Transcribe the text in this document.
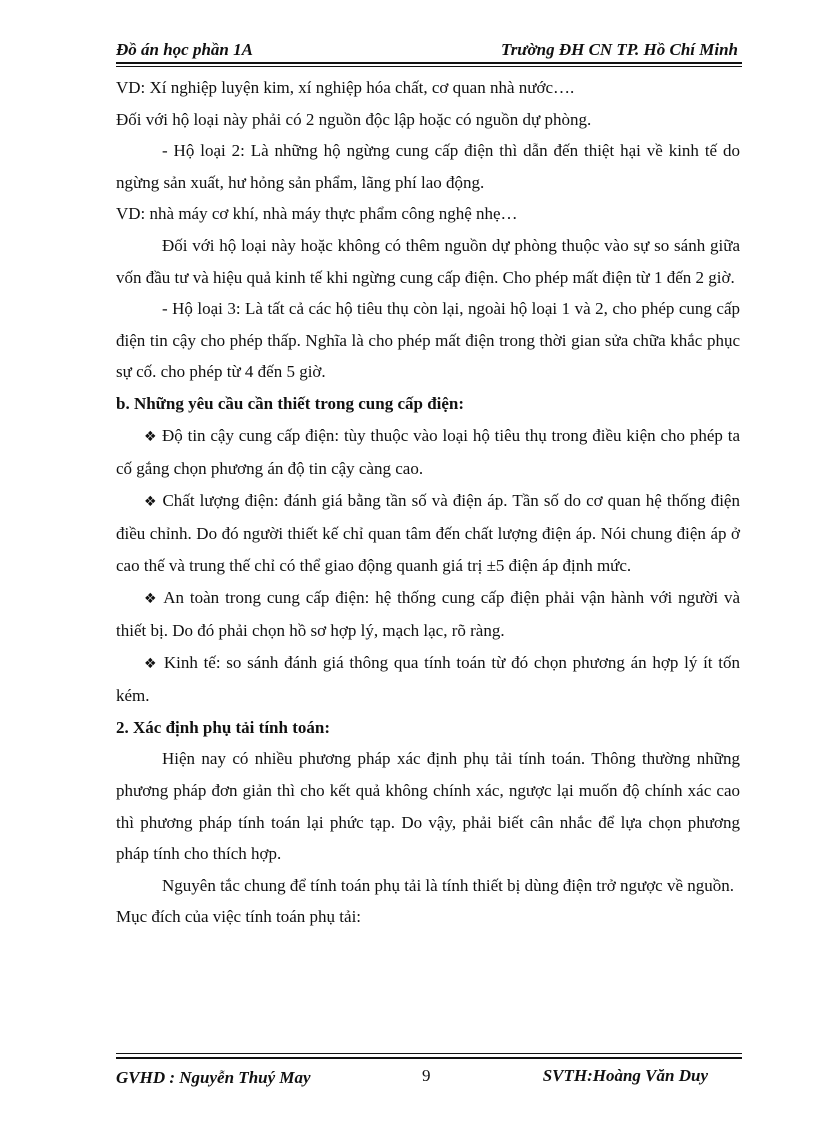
Đồ án học phần 1A	Trường ĐH CN TP. Hồ Chí Minh

VD: Xí nghiệp luyện kim, xí nghiệp hóa chất, cơ quan nhà nước….

Đối với hộ loại này phải có 2 nguồn độc lập hoặc có nguồn dự phòng.

- Hộ loại 2: Là những hộ ngừng cung cấp điện thì dẫn đến thiệt hại về kinh tế do ngừng sản xuất, hư hỏng sản phẩm, lãng phí lao động.

VD: nhà máy cơ khí, nhà máy thực phẩm công nghệ nhẹ…

Đối với hộ loại này hoặc không có thêm nguồn dự phòng thuộc vào sự so sánh giữa vốn đầu tư và hiệu quả kinh tế khi ngừng cung cấp điện. Cho phép mất điện từ 1 đến 2 giờ.

- Hộ loại 3: Là tất cả các hộ tiêu thụ còn lại, ngoài hộ loại 1 và 2, cho phép cung cấp điện tin cậy cho phép thấp. Nghĩa là cho phép mất điện trong thời gian sửa chữa khắc phục sự cố. cho phép từ 4 đến 5 giờ.

b. Những yêu cầu cần thiết trong cung cấp điện:

❖ Độ tin cậy cung cấp điện: tùy thuộc vào loại hộ tiêu thụ trong điều kiện cho phép ta cố gắng chọn phương án độ tin cậy càng cao.

❖ Chất lượng điện: đánh giá bằng tần số và điện áp. Tần số do cơ quan hệ thống điện điều chỉnh. Do đó người thiết kế chỉ quan tâm đến chất lượng điện áp. Nói chung điện áp ở cao thế và trung thế chỉ có thể giao động quanh giá trị ±5 điện áp định mức.

❖ An toàn trong cung cấp điện: hệ thống cung cấp điện phải vận hành với người và thiết bị. Do đó phải chọn hồ sơ hợp lý, mạch lạc, rõ ràng.

❖ Kinh tế: so sánh đánh giá thông qua tính toán từ đó chọn phương án hợp lý ít tốn kém.

2. Xác định phụ tải tính toán:

Hiện nay có nhiều phương pháp xác định phụ tải tính toán. Thông thường những phương pháp đơn giản thì cho kết quả không chính xác, ngược lại muốn độ chính xác cao thì phương pháp tính toán lại phức tạp. Do vậy, phải biết cân nhắc để lựa chọn phương pháp tính cho thích hợp.

Nguyên tắc chung để tính toán phụ tải là tính thiết bị dùng điện trở ngược về nguồn.

Mục đích của việc tính toán phụ tải:

GVHD : Nguyễn Thuý May	9	SVTH:Hoàng Văn Duy
